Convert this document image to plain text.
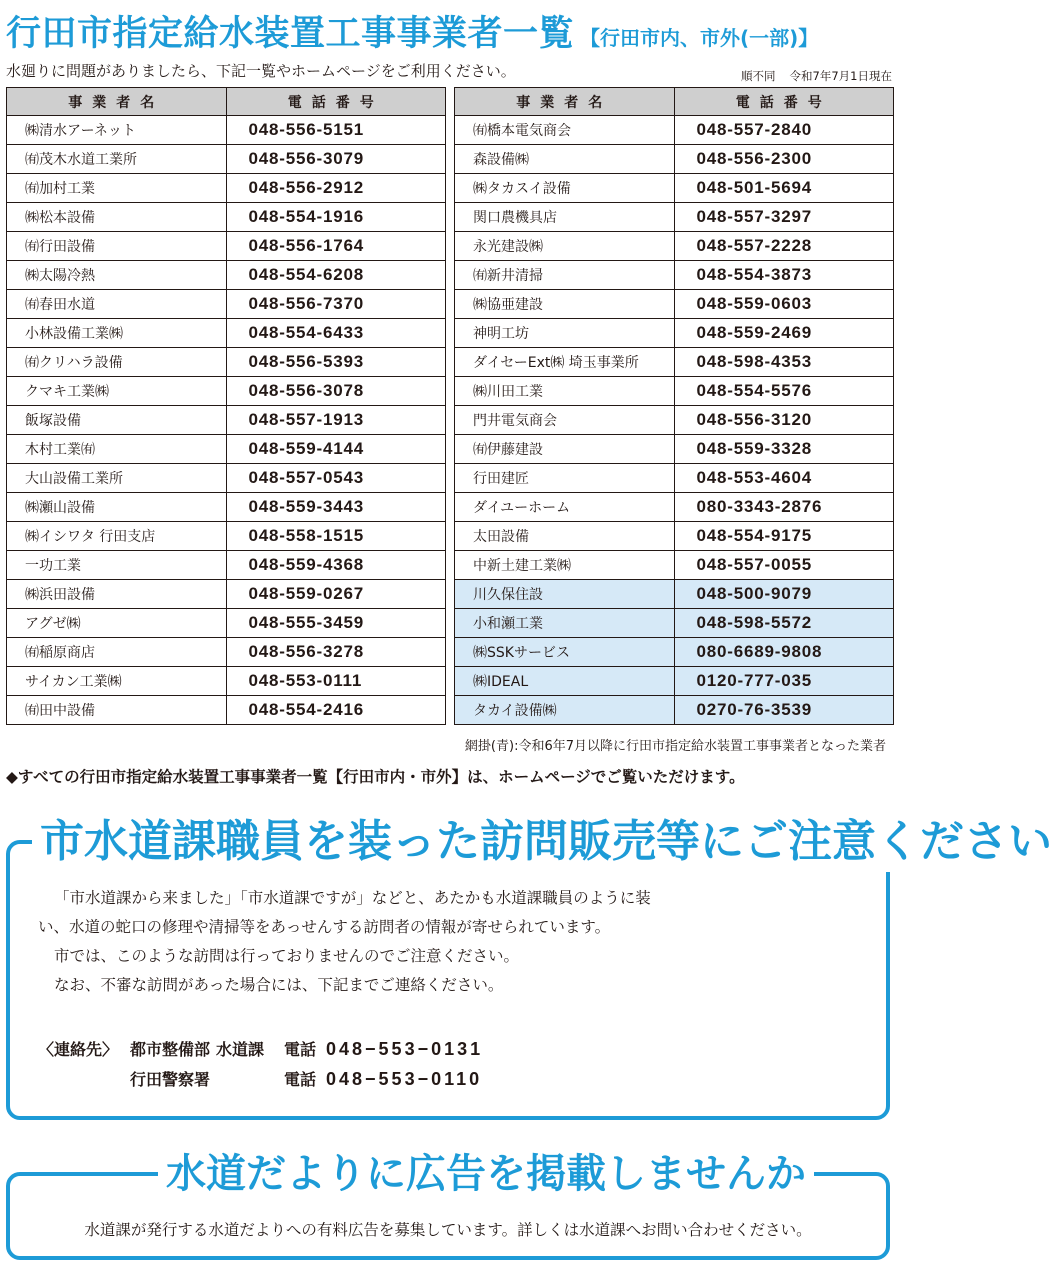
行田市指定給水装置工事事業者一覧 【行田市内、市外(一部)】
水廻りに問題がありましたら、下記一覧やホームページをご利用ください。	順不同 令和7年7月1日現在
事業者名	電話番号
㈱清水アーネット	048-556-5151
㈲茂木水道工業所	048-556-3079
㈲加村工業	048-556-2912
㈱松本設備	048-554-1916
㈲行田設備	048-556-1764
㈱太陽冷熱	048-554-6208
㈲春田水道	048-556-7370
小林設備工業㈱	048-554-6433
㈲クリハラ設備	048-556-5393
クマキ工業㈱	048-556-3078
飯塚設備	048-557-1913
木村工業㈲	048-559-4144
大山設備工業所	048-557-0543
㈱瀬山設備	048-559-3443
㈱イシワタ 行田支店	048-558-1515
一功工業	048-559-4368
㈱浜田設備	048-559-0267
アグゼ㈱	048-555-3459
㈲稲原商店	048-556-3278
サイカン工業㈱	048-553-0111
㈲田中設備	048-554-2416
事業者名	電話番号
㈲橋本電気商会	048-557-2840
森設備㈱	048-556-2300
㈱タカスイ設備	048-501-5694
関口農機具店	048-557-3297
永光建設㈱	048-557-2228
㈲新井清掃	048-554-3873
㈱協亜建設	048-559-0603
神明工坊	048-559-2469
ダイセーExt㈱ 埼玉事業所	048-598-4353
㈱川田工業	048-554-5576
門井電気商会	048-556-3120
㈲伊藤建設	048-559-3328
行田建匠	048-553-4604
ダイユーホーム	080-3343-2876
太田設備	048-554-9175
中新土建工業㈱	048-557-0055
川久保住設	048-500-9079
小和瀬工業	048-598-5572
㈱SSKサービス	080-6689-9808
㈱IDEAL	0120-777-035
タカイ設備㈱	0270-76-3539
網掛(青):令和6年7月以降に行田市指定給水装置工事事業者となった業者
◆すべての行田市指定給水装置工事事業者一覧【行田市内・市外】は、ホームページでご覧いただけます。
市水道課職員を装った訪問販売等にご注意ください

「市水道課から来ました」「市水道課ですが」などと、あたかも水道課職員のように装い、水道の蛇口の修理や清掃等をあっせんする訪問者の情報が寄せられています。

市では、このような訪問は行っておりませんのでご注意ください。

なお、不審な訪問があった場合には、下記までご連絡ください。

〈連絡先〉 都市整備部 水道課 電話 048−553−0131
行田警察署	電話 048−553−0110
水道だよりに広告を掲載しませんか
水道課が発行する水道だよりへの有料広告を募集しています。詳しくは水道課へお問い合わせください。
